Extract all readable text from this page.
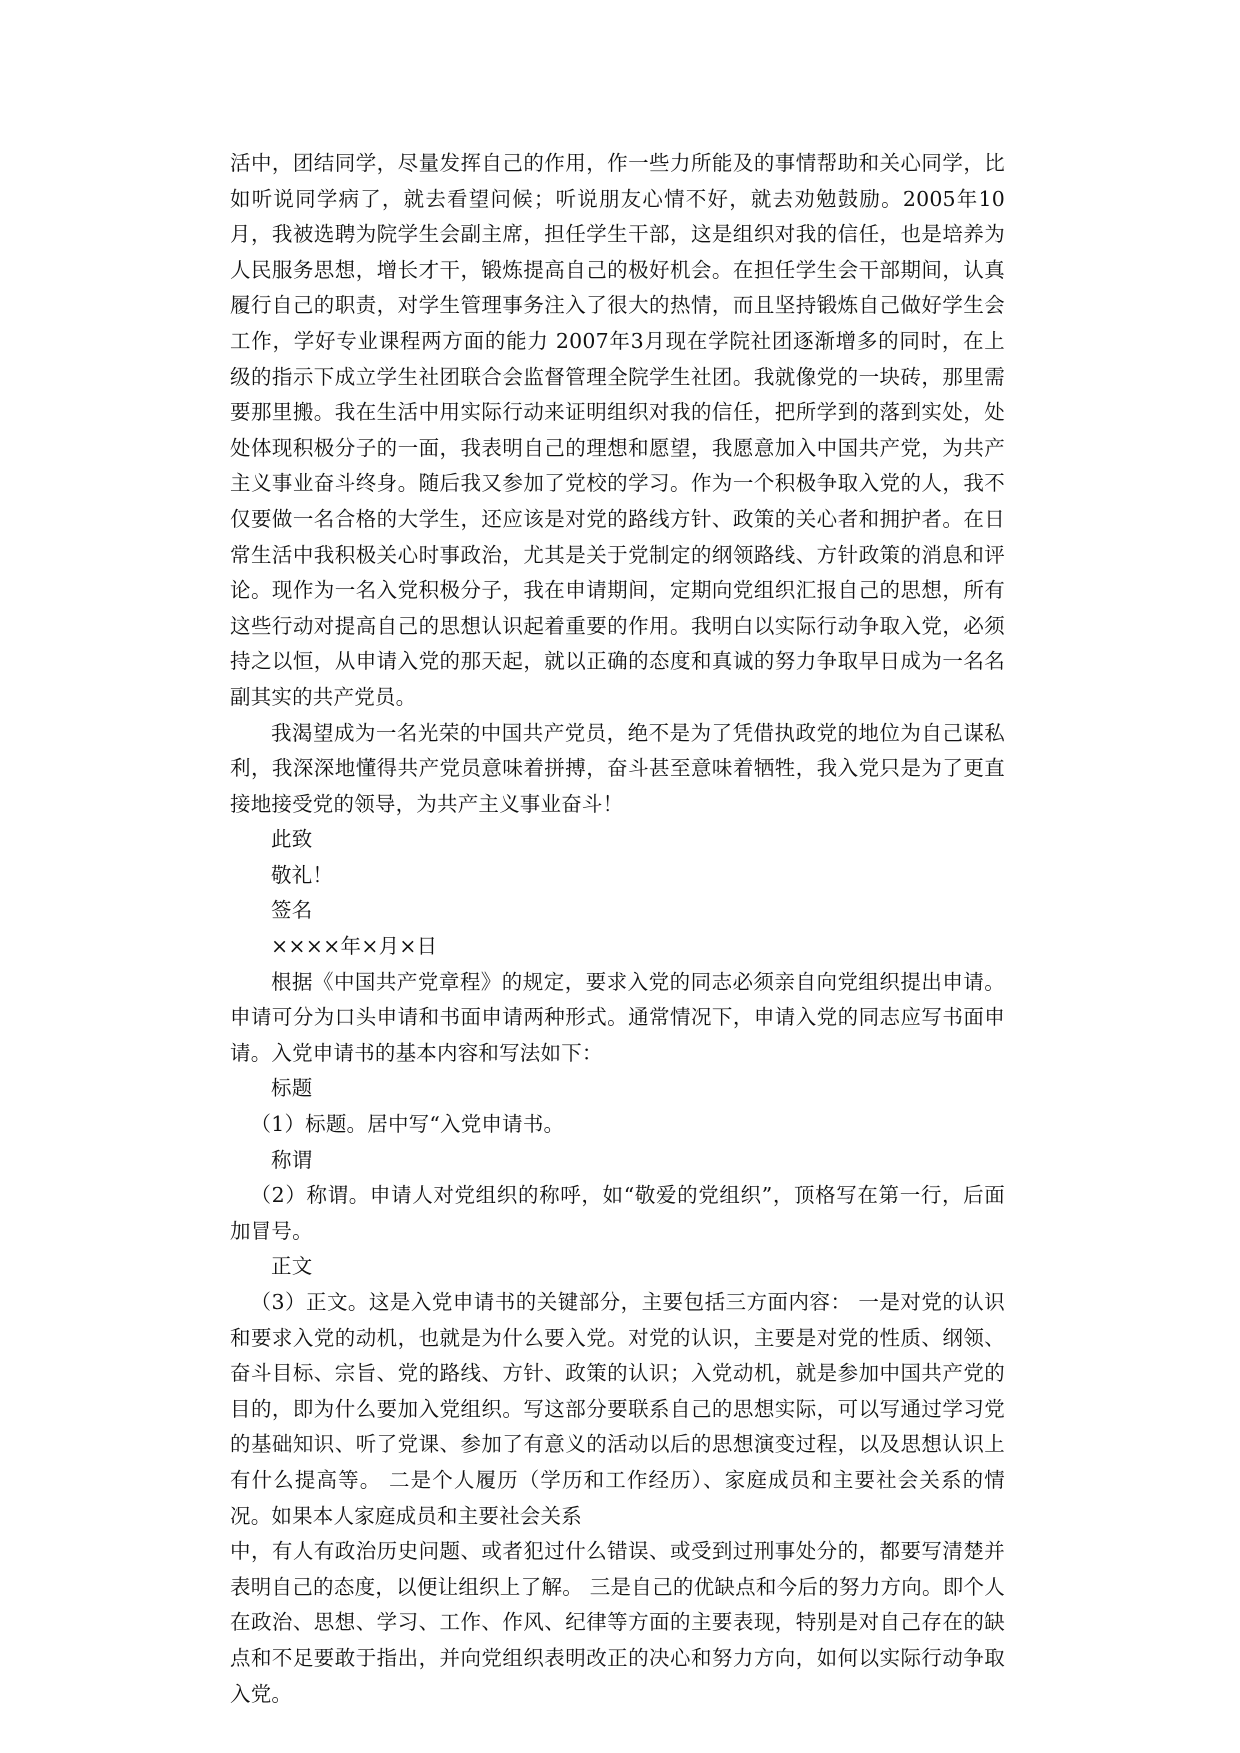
活中，团结同学，尽量发挥自己的作用，作一些力所能及的事情帮助和关心同学，比如听说同学病了，就去看望问候；听说朋友心情不好，就去劝勉鼓励。2005年10月，我被选聘为院学生会副主席，担任学生干部，这是组织对我的信任，也是培养为人民服务思想，增长才干，锻炼提高自己的极好机会。在担任学生会干部期间，认真履行自己的职责，对学生管理事务注入了很大的热情，而且坚持锻炼自己做好学生会工作，学好专业课程两方面的能力 2007年3月现在学院社团逐渐增多的同时，在上级的指示下成立学生社团联合会监督管理全院学生社团。我就像党的一块砖，那里需要那里搬。我在生活中用实际行动来证明组织对我的信任，把所学到的落到实处，处处体现积极分子的一面，我表明自己的理想和愿望，我愿意加入中国共产党，为共产主义事业奋斗终身。随后我又参加了党校的学习。作为一个积极争取入党的人，我不仅要做一名合格的大学生，还应该是对党的路线方针、政策的关心者和拥护者。在日常生活中我积极关心时事政治，尤其是关于党制定的纲领路线、方针政策的消息和评论。现作为一名入党积极分子，我在申请期间，定期向党组织汇报自己的思想，所有这些行动对提高自己的思想认识起着重要的作用。我明白以实际行动争取入党，必须持之以恒，从申请入党的那天起，就以正确的态度和真诚的努力争取早日成为一名名副其实的共产党员。

我渴望成为一名光荣的中国共产党员，绝不是为了凭借执政党的地位为自己谋私利，我深深地懂得共产党员意味着拼搏，奋斗甚至意味着牺牲，我入党只是为了更直接地接受党的领导，为共产主义事业奋斗！

此致

敬礼！

签名

××××年×月×日

根据《中国共产党章程》的规定，要求入党的同志必须亲自向党组织提出申请。申请可分为口头申请和书面申请两种形式。通常情况下，申请入党的同志应写书面申请。入党申请书的基本内容和写法如下：

标题

（1）标题。居中写“入党申请书。

称谓

（2）称谓。申请人对党组织的称呼，如“敬爱的党组织”，顶格写在第一行，后面加冒号。

正文

（3）正文。这是入党申请书的关键部分，主要包括三方面内容： 一是对党的认识和要求入党的动机，也就是为什么要入党。对党的认识，主要是对党的性质、纲领、奋斗目标、宗旨、党的路线、方针、政策的认识；入党动机，就是参加中国共产党的目的，即为什么要加入党组织。写这部分要联系自己的思想实际，可以写通过学习党的基础知识、听了党课、参加了有意义的活动以后的思想演变过程，以及思想认识上有什么提高等。 二是个人履历（学历和工作经历）、家庭成员和主要社会关系的情况。如果本人家庭成员和主要社会关系

中，有人有政治历史问题、或者犯过什么错误、或受到过刑事处分的，都要写清楚并表明自己的态度，以便让组织上了解。 三是自己的优缺点和今后的努力方向。即个人在政治、思想、学习、工作、作风、纪律等方面的主要表现，特别是对自己存在的缺点和不足要敢于指出，并向党组织表明改正的决心和努力方向，如何以实际行动争取入党。
